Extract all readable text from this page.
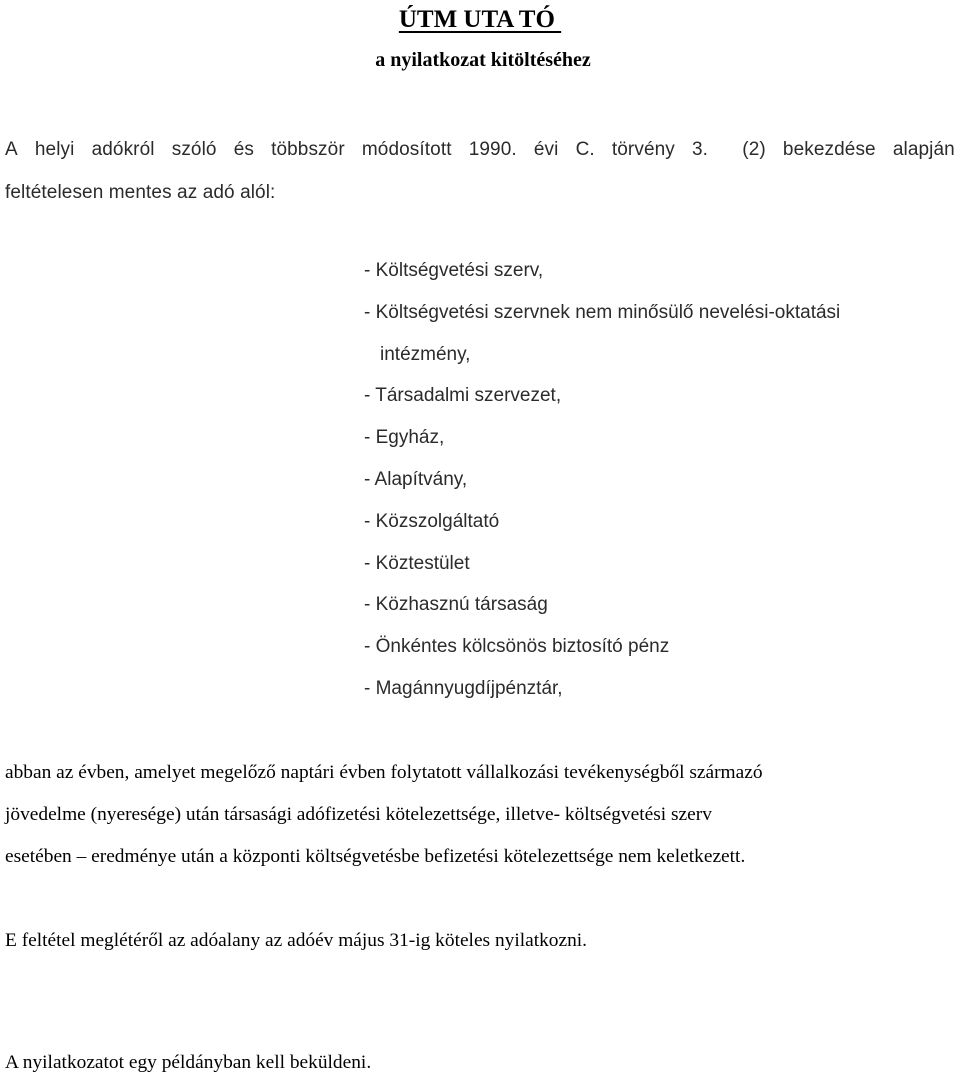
ÚTM UTA TÓ
a nyilatkozat kitöltéséhez
A helyi adókról szóló és többször módosított 1990. évi C. törvény 3. (2) bekezdése alapján
feltételesen mentes az adó alól:
- Költségvetési szerv,
- Költségvetési szervnek nem minősülő nevelési-oktatási
intézmény,
- Társadalmi szervezet,
- Egyház,
- Alapítvány,
- Közszolgáltató
- Köztestület
- Közhasznú társaság
- Önkéntes kölcsönös biztosító pénz
- Magánnyugdíjpénztár,
abban az évben, amelyet megelőző naptári évben folytatott vállalkozási tevékenységből származó
jövedelme (nyeresége) után társasági adófizetési kötelezettsége, illetve- költségvetési szerv
esetében – eredménye után a központi költségvetésbe befizetési kötelezettsége nem keletkezett.
E feltétel meglétéről az adóalany az adóév május 31-ig köteles nyilatkozni.
A nyilatkozatot egy példányban kell beküldeni.
